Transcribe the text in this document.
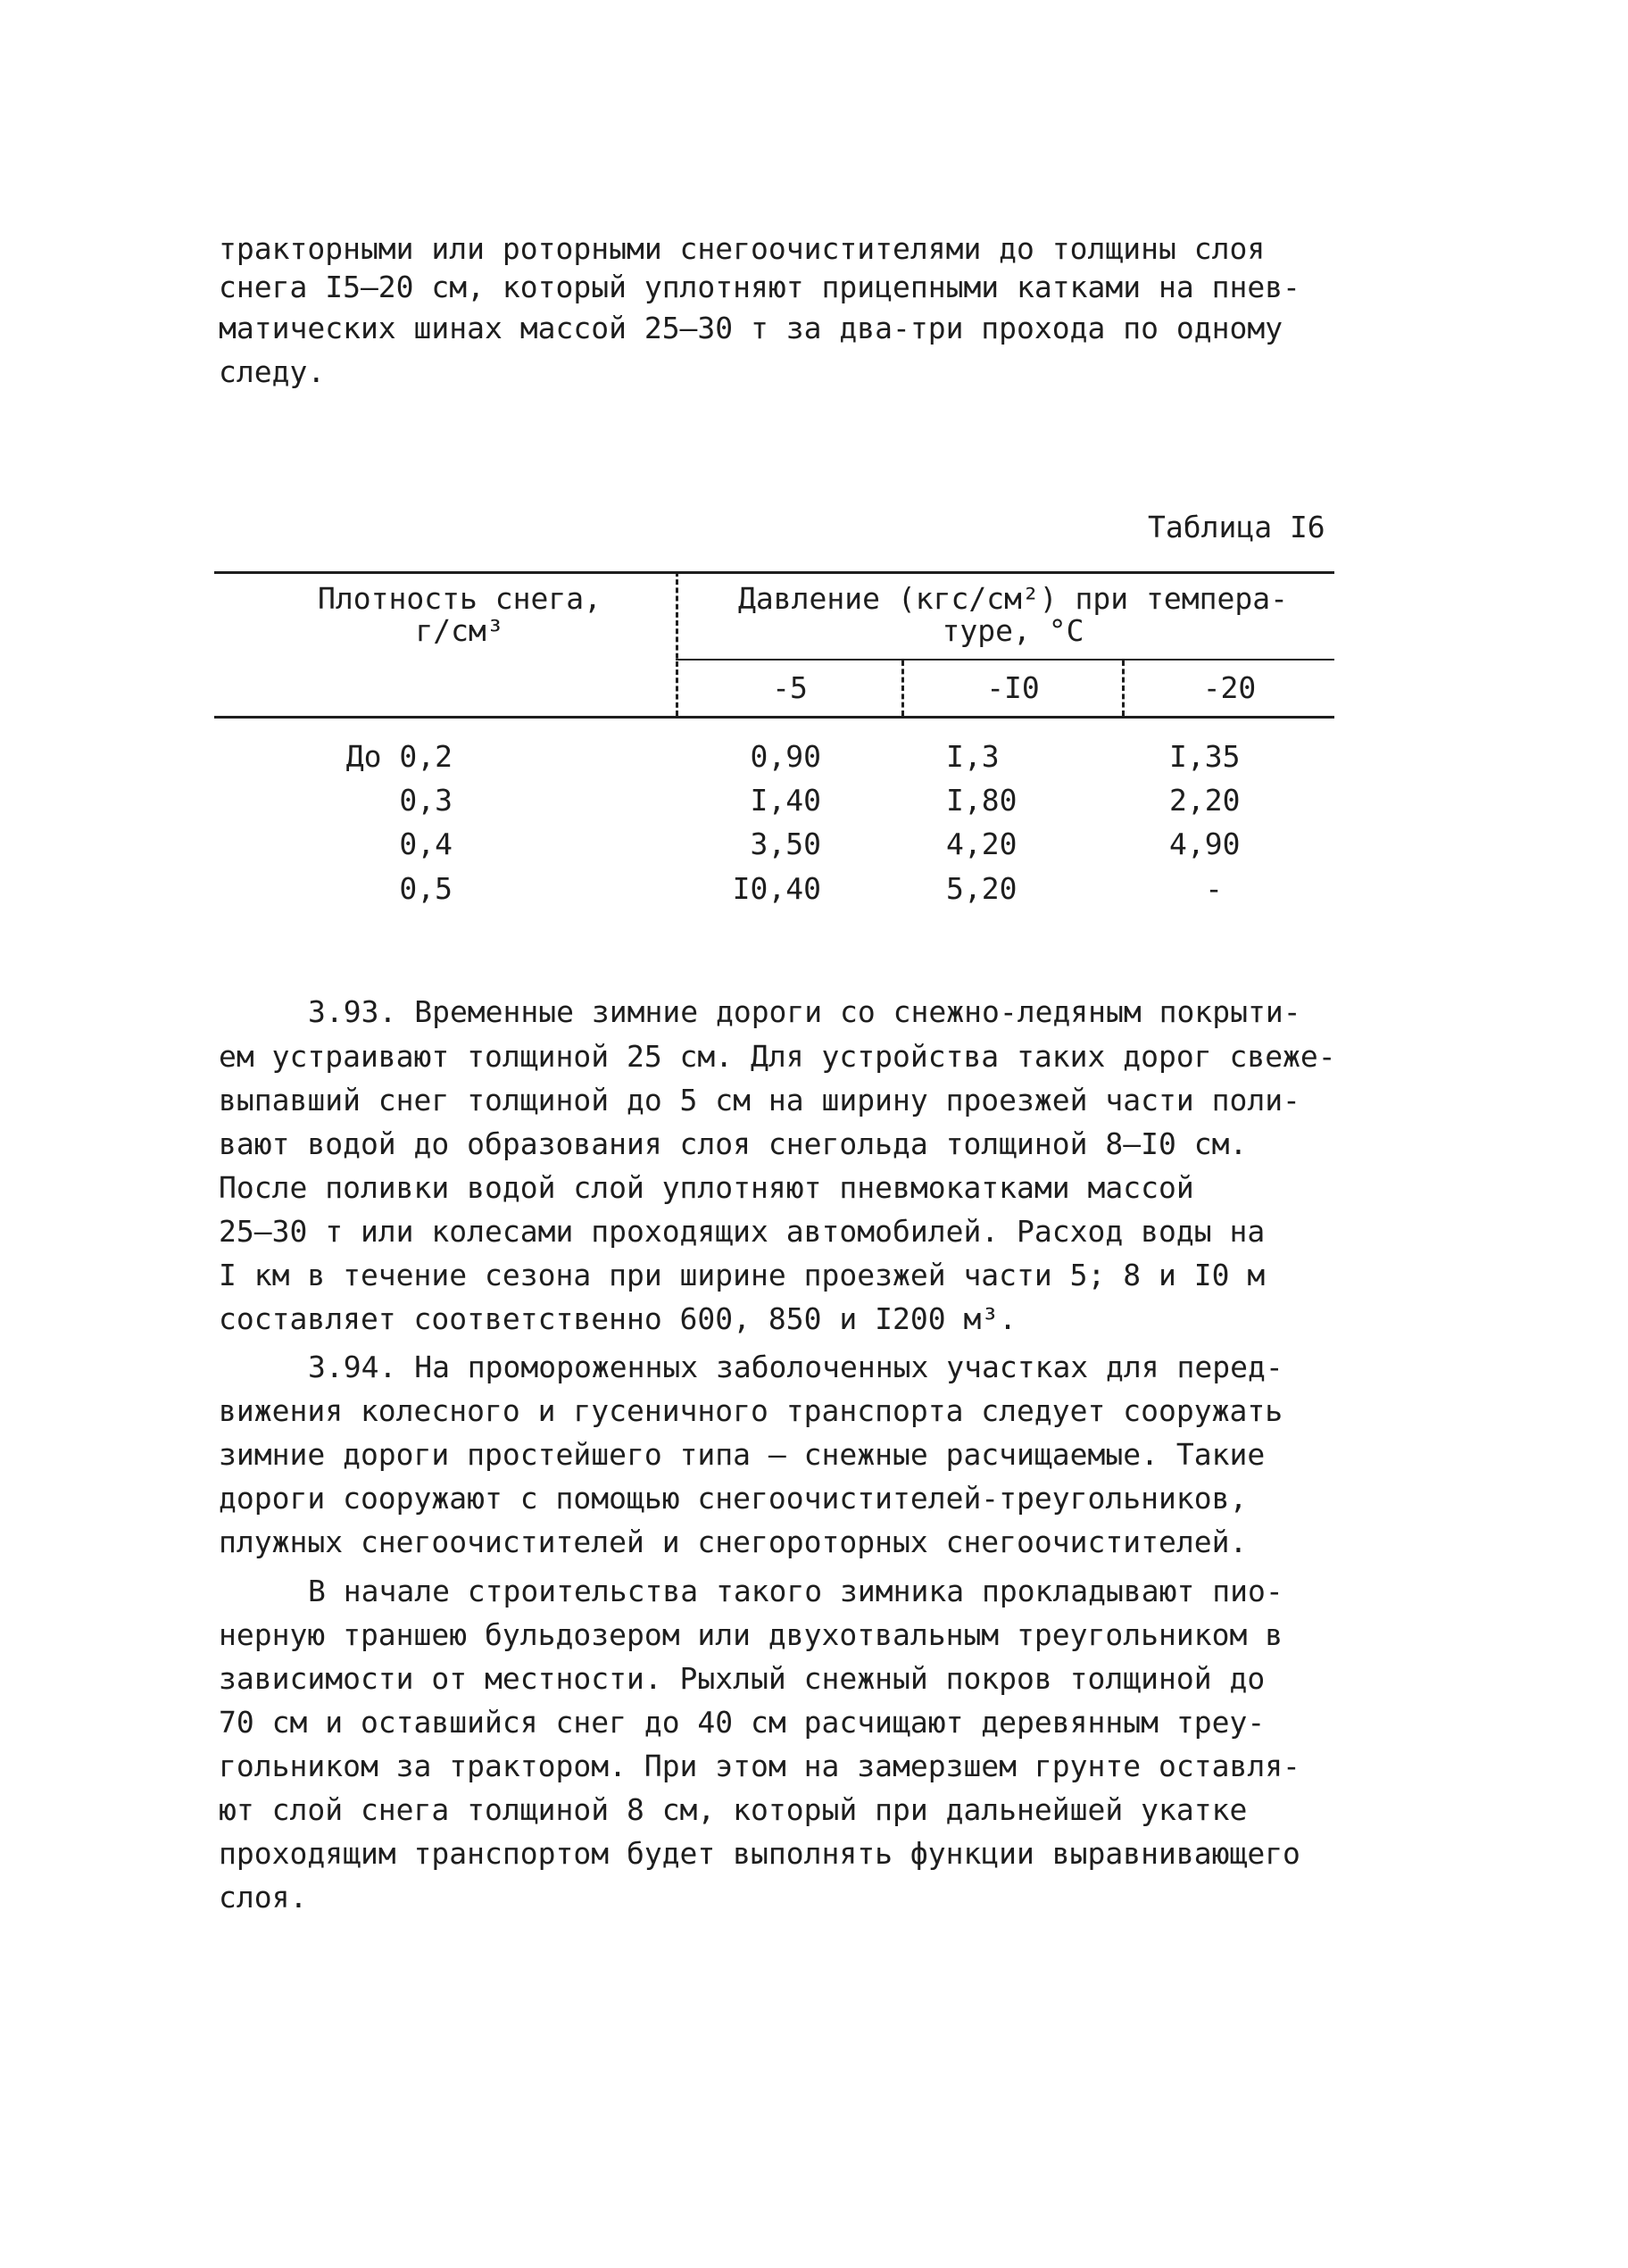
тракторными или роторными снегоочистителями до толщины слоя
снега I5–20 см, который уплотняют прицепными катками на пнев-
матических шинах массой 25–30 т за два-три прохода по одному
следу.
Таблица I6
Плотность снега,
г/см³
Давление (кгс/см²) при темпера-
туре, °С
-5	-I0	-20
До 0,2	0,90	I,3	I,35
0,3	I,40	I,80	2,20
0,4	3,50	4,20	4,90
0,5	I0,40	5,20	-
3.93. Временные зимние дороги со снежно-ледяным покрыти-
ем устраивают толщиной 25 см. Для устройства таких дорог свеже-
выпавший снег толщиной до 5 см на ширину проезжей части поли-
вают водой до образования слоя снегольда толщиной 8–I0 см.
После поливки водой слой уплотняют пневмокатками массой
25–30 т или колесами проходящих автомобилей. Расход воды на
I км в течение сезона при ширине проезжей части 5; 8 и I0 м
составляет соответственно 600, 850 и I200 м³.
3.94. На промороженных заболоченных участках для перед-
вижения колесного и гусеничного транспорта следует сооружать
зимние дороги простейшего типа – снежные расчищаемые. Такие
дороги сооружают с помощью снегоочистителей-треугольников,
плужных снегоочистителей и снегороторных снегоочистителей.
В начале строительства такого зимника прокладывают пио-
нерную траншею бульдозером или двухотвальным треугольником в
зависимости от местности. Рыхлый снежный покров толщиной до
70 см и оставшийся снег до 40 см расчищают деревянным треу-
гольником за трактором. При этом на замерзшем грунте оставля-
ют слой снега толщиной 8 см, который при дальнейшей укатке
проходящим транспортом будет выполнять функции выравнивающего
слоя.
